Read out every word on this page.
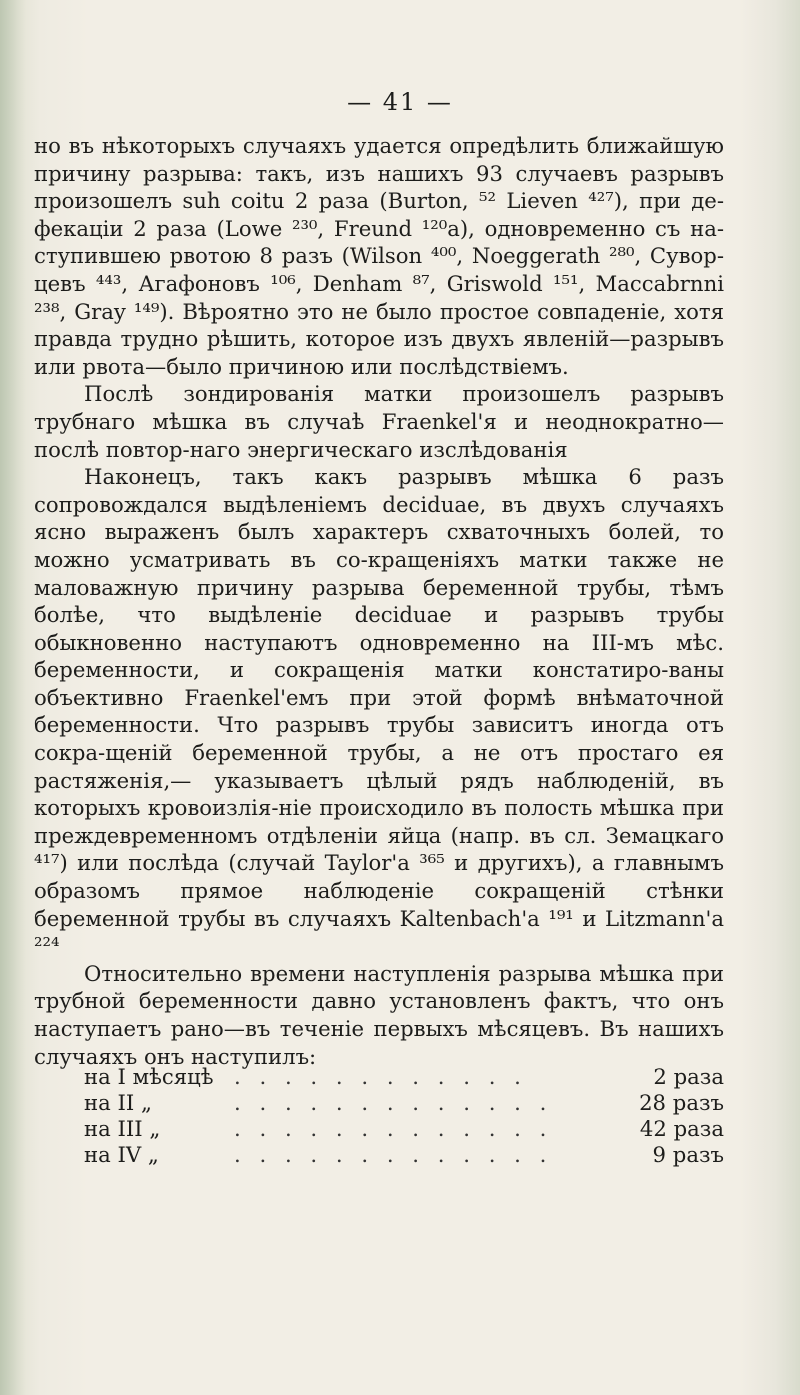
— 41 —

но въ нѣкоторыхъ случаяхъ удается опредѣлить ближайшую причину разрыва: такъ, изъ нашихъ 93 случаевъ разрывъ произошелъ suh coitu 2 раза (Burton, ⁵² Lieven ⁴²⁷), при де-фекаціи 2 раза (Lowe ²³⁰, Freund ¹²⁰a), одновременно съ на-ступившею рвотою 8 разъ (Wilson ⁴⁰⁰, Noeggerath ²⁸⁰, Сувор-цевъ ⁴⁴³, Агафоновъ ¹⁰⁶, Denham ⁸⁷, Griswold ¹⁵¹, Массаbrnni ²³⁸, Gray ¹⁴⁹). Вѣроятно это не было простое совпаденіе, хотя правда трудно рѣшить, которое изъ двухъ явленій—разрывъ или рвота—было причиною или послѣдствіемъ.

Послѣ зондированія матки произошелъ разрывъ трубнаго мѣшка въ случаѣ Fraenkel'я и неоднократно—послѣ повтор-наго энергическаго изслѣдованія

Наконецъ, такъ какъ разрывъ мѣшка 6 разъ сопровождался выдѣленіемъ deciduae, въ двухъ случаяхъ ясно выраженъ былъ характеръ схваточныхъ болей, то можно усматривать въ со-кращеніяхъ матки также не маловажную причину разрыва беременной трубы, тѣмъ болѣе, что выдѣленіе deciduae и разрывъ трубы обыкновенно наступаютъ одновременно на III-мъ мѣс. беременности, и сокращенія матки констатиро-ваны объективно Fraenkel'емъ при этой формѣ внѣматочной беременности. Что разрывъ трубы зависитъ иногда отъ сокра-щеній беременной трубы, а не отъ простаго ея растяженія,— указываетъ цѣлый рядъ наблюденій, въ которыхъ кровоизлія-ніе происходило въ полость мѣшка при преждевременномъ отдѣленіи яйца (напр. въ сл. Земацкаго ⁴¹⁷) или послѣда (случай Taylor'a ³⁶⁵ и другихъ), а главнымъ образомъ прямое наблюденіе сокращеній стѣнки беременной трубы въ случаяхъ Kaltenbach'a ¹⁹¹ и Litzmann'a ²²⁴

Относительно времени наступленія разрыва мѣшка при трубной беременности давно установленъ фактъ, что онъ наступаетъ рано—въ теченіе первыхъ мѣсяцевъ. Въ нашихъ случаяхъ онъ наступилъ:

на I мѣсяцѣ . . . . . . . . . . . .	2 раза
на II „	. . . . . . . . . . . . .	28 разъ
на III „	. . . . . . . . . . . . .	42 раза
на IV „	. . . . . . . . . . . . .	9 разъ
